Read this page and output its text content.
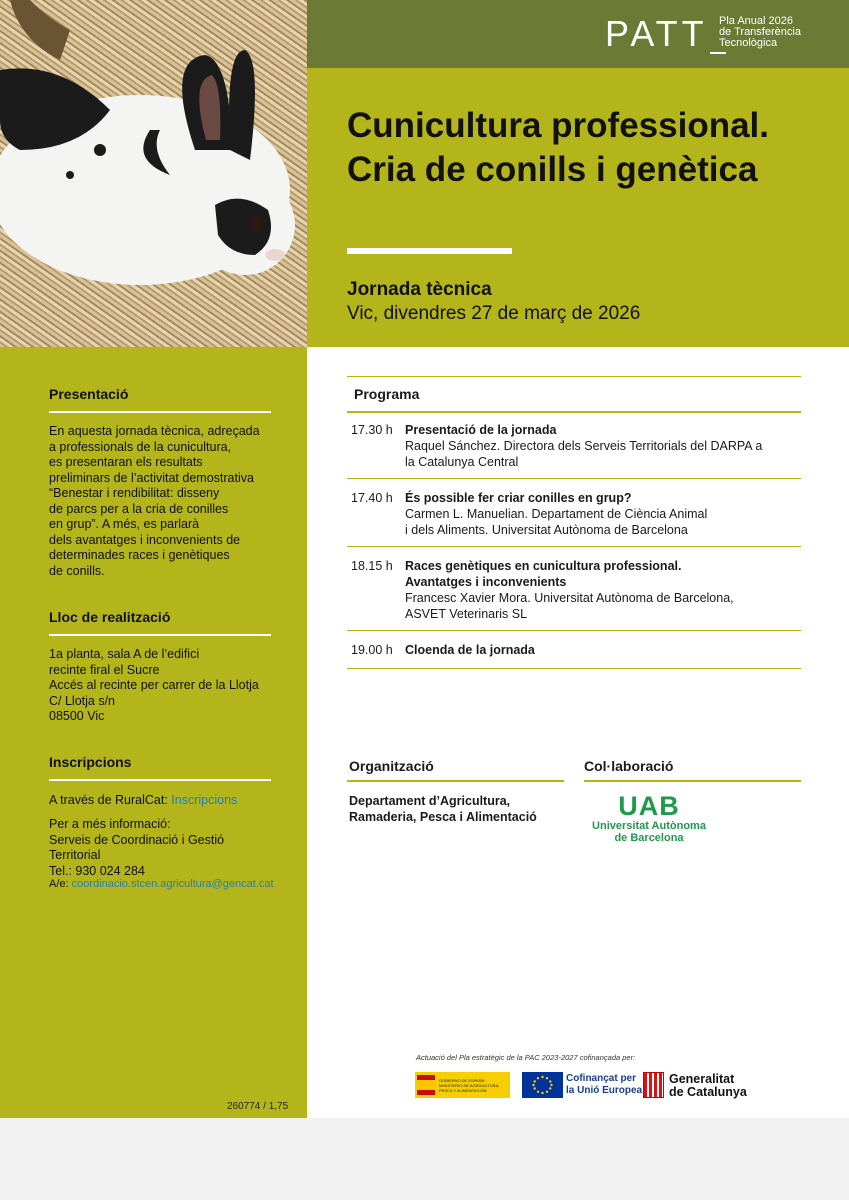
PATT	Pla Anual 2026
de Transferència
Tecnològica
Cunicultura professional. Cria de conills i genètica
Jornada tècnica
Vic, divendres 27 de març de 2026
Presentació
En aquesta jornada tècnica, adreçada
a professionals de la cunicultura,
es presentaran els resultats
preliminars de l’activitat demostrativa
“Benestar i rendibilitat: disseny
de parcs per a la cria de conilles
en grup”. A més, es parlarà
dels avantatges i inconvenients de
determinades races i genètiques
de conills.
Lloc de realització
1a planta, sala A de l’edifici
recinte firal el Sucre
Accés al recinte per carrer de la Llotja
C/ Llotja s/n
08500 Vic
Inscripcions
A través de RuralCat: Inscripcions
Per a més informació:
Serveis de Coordinació i Gestió
Territorial
Tel.: 930 024 284
A/e: coordinacio.stcen.agricultura@gencat.cat
260774 / 1,75
Programa
17.30 h Presentació de la jornada
Raquel Sánchez. Directora dels Serveis Territorials del DARPA a
la Catalunya Central
17.40 h És possible fer criar conilles en grup?
Carmen L. Manuelian. Departament de Ciència Animal
i dels Aliments. Universitat Autònoma de Barcelona
18.15 h Races genètiques en cunicultura professional.
Avantatges i inconvenients
Francesc Xavier Mora. Universitat Autònoma de Barcelona,
ASVET Veterinaris SL
19.00 h Cloenda de la jornada
Organització
Departament d’Agricultura,
Ramaderia, Pesca i Alimentació
Col·laboració
UAB
Universitat Autònoma
de Barcelona
Actuació del Pla estratègic de la PAC 2023-2027 cofinançada per:
GOBIERNO DE ESPAÑA · MINISTERIO DE AGRICULTURA, PESCA Y ALIMENTACIÓN
Cofinançat per
la Unió Europea
Generalitat
de Catalunya
